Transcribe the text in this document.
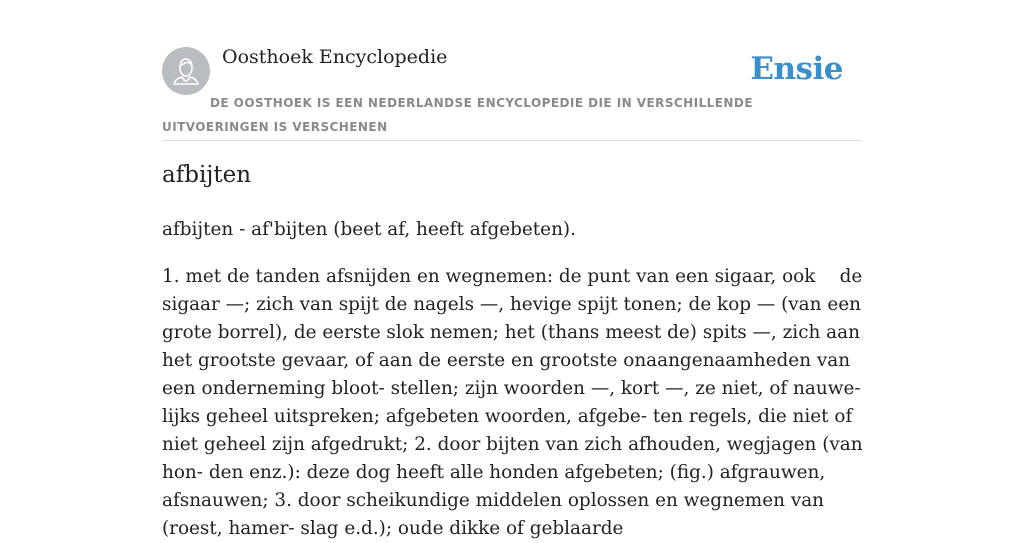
Oosthoek Encyclopedie	Ensie
DE OOSTHOEK IS EEN NEDERLANDSE ENCYCLOPEDIE DIE IN VERSCHILLENDE UITVOERINGEN IS VERSCHENEN
afbijten

afbijten - af'bijten (beet af, heeft afgebeten).

1. met de tanden afsnijden en wegnemen: de punt van een sigaar, ook  de sigaar —; zich van spijt de nagels —, hevige spijt tonen; de kop — (van een grote borrel), de eerste slok nemen; het (thans meest de) spits —, zich aan het grootste gevaar, of aan de eerste en grootste onaangenaamheden van een onderneming bloot- stellen; zijn woorden —, kort —, ze niet, of nauwe- lijks geheel uitspreken; afgebeten woorden, afgebe- ten regels, die niet of niet geheel zijn afgedrukt; 2. door bijten van zich afhouden, wegjagen (van hon- den enz.): deze dog heeft alle honden afgebeten; (fig.) afgrauwen, afsnauwen; 3. door scheikundige middelen oplossen en wegnemen van (roest, hamer- slag e.d.); oude dikke of geblaarde
